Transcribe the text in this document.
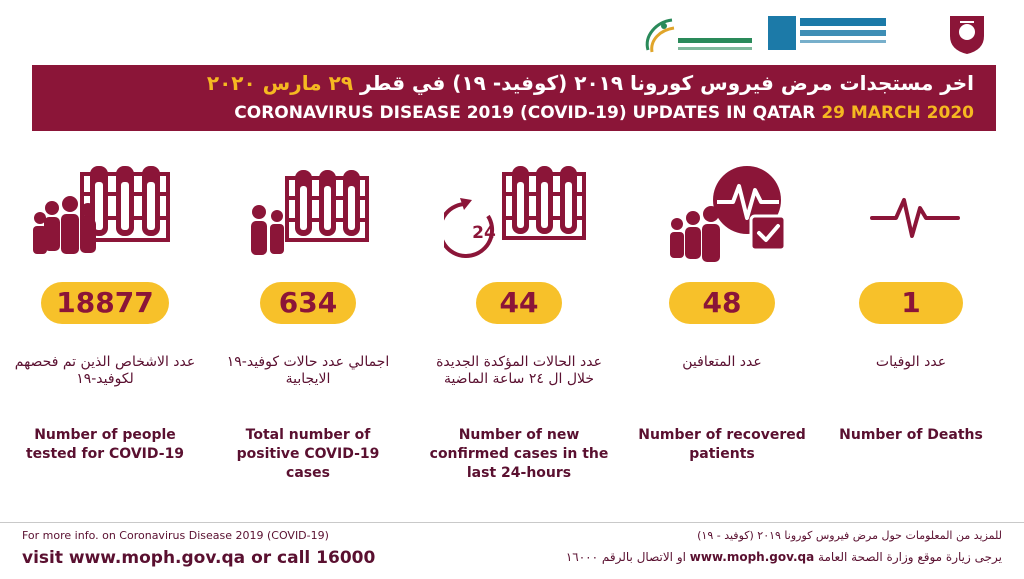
اخر مستجدات مرض فيروس كورونا ٢٠١٩ (كوفيد- ١٩) في قطر ٢٩ مارس ٢٠٢٠
CORONAVIRUS DISEASE 2019 (COVID-19) UPDATES IN QATAR 29 MARCH 2020
18877
عدد الاشخاص الذين تم فحصهم لكوفيد-١٩
Number of people tested for COVID-19
634
اجمالي عدد حالات كوفيد-١٩ الايجابية
Total number of positive COVID-19 cases
24
44
عدد الحالات المؤكدة الجديدة خلال ال ٢٤ ساعة الماضية
Number of new confirmed cases in the last 24-hours
48
عدد المتعافين
Number of recovered patients
1
عدد الوفيات
Number of Deaths
For more info. on Coronavirus Disease 2019 (COVID-19)
visit www.moph.gov.qa or call 16000
للمزيد من المعلومات حول مرض فيروس كورونا ٢٠١٩ (كوفيد - ١٩)
يرجى زيارة موقع وزارة الصحة العامة www.moph.gov.qa او الاتصال بالرقم ١٦٠٠٠
